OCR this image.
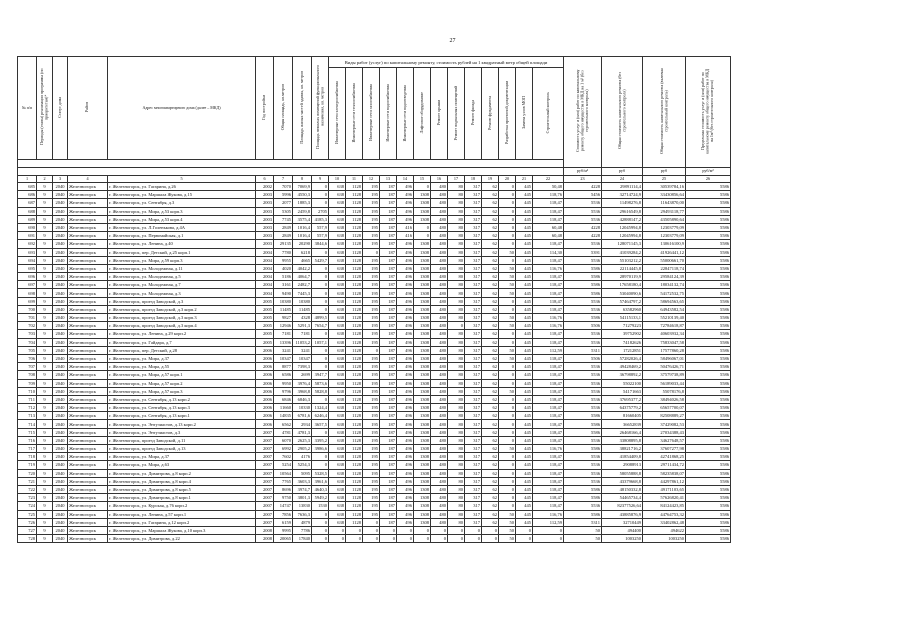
27
№ п/п	Периоды (этапы) реализации программы (по приоритетам)*	Статус дома	Район	Адрес многоквартирного дома (далее – МКД)	Год постройки	Общая площадь, кв.метров	Площадь жилых частей здания, кв. метров	Площадь нежилых помещений функционального назначения, кв. метров	Виды работ (услуг) по капитальному ремонту, стоимость рублей на 1 квадратный метр общей площади													Стоимость услуг и (или) работ по капитальному ремонту общего имущества в МКД на 1 м² (без строительного контроля)	Общая стоимость капитального ремонта (без строительного контроля)	Общая стоимость капитального ремонта (включая строительный контроль)	Предельная стоимость услуг и (или) работ по капитальному ремонту общего имущества в МКД на 1м² (без строительного контроля)
									Инженерные сети электроснабжения	Инженерные сети теплоснабжения	Инженерные сети газоснабжения	Инженерные сети водоснабжения	Инженерные сети водоотведения	Лифтовое оборудование	Ремонт крыши	Ремонт подвальных помещений	Ремонт фасада	Ремонт фундамента	Разработка проектной документации	Замена узлов МОП	Строительный контроль				

																						руб/м²	руб	руб	руб/м²
1	2	3	4	5	6	7	8	9	10	11	12	13	14	15	16	17	18	19	20	21	22	23	24	25	26
685	9	2040	Железногорск	г. Железногорск, ул. Гагарина, д.26	2002	7070	7069,9	0	638	1128	195	187	496	0	480	80	317	62	0	445	50,48	4228	29891114,4	30539784,16	5586
686	9	2040	Железногорск	г. Железногорск, ул. Маршала Жукова, д.15	2003	5996	4550,3	0	638	1128	195	187	496	1308	480	80	317	62	0	445	118,76	5456	32714724,9	33430856,64	5586
687	9	2040	Железногорск	г. Железногорск, ул. Сентября, д.3	2003	2077	1885,3	0	638	1128	195	187	496	1308	480	80	317	62	0	445	118,47	5536	11498276,8	11643870,00	5586
688	9	2040	Железногорск	г. Железногорск, ул. Мира, д.53 корп.3	2003	5305	2459,8	2705	638	1128	195	187	496	1308	480	80	317	62	0	445	118,47	5536	29616549,8	29493118,77	5586
689	9	2040	Железногорск	г. Железногорск, ул. Мира, д.53 корп.4	2003	7745	3575,4	4185,3	638	1128	195	187	496	1308	480	80	317	62	0	445	118,47	5536	42888147,2	43505890,64	5586
690	9	2040	Железногорск	г. Железногорск, ул. Л.Голенькова, д.4А	2003	2849	1016,4	557,9	638	1128	195	187	416	0	480	80	317	62	0	445	60,48	4228	12045994,8	12303779,09	5586
691	9	2040	Железногорск	г. Железногорск, ул. Первомайская, д.1	2003	2849	1016,4	557,9	638	1128	195	187	416	0	480	80	317	62	0	445	60,48	4228	12045994,8	12303779,09	5586
692	9	2040	Железногорск	г. Железногорск, ул. Ленина, д.40	2003	29135	20290	3844,6	638	1128	195	187	496	1308	480	80	317	62	0	445	118,47	5536	128071145,3	130616100,9	5586
693	9	2040	Железногорск	г. Железногорск, пер. Детский, д.25 корп.1	2004	7780	6218	0	638	1128	0	187	496	1308	480	80	317	62	50	445	114,30	5391	41039284,2	41926441,12	5586
694	9	2040	Железногорск	г. Железногорск, ул. Мира, д.59 корп.3	2004	9955	4665	5429,7	638	1128	195	187	496	1308	480	80	317	62	0	445	118,47	5536	55103212,2	55000661,70	5586
695	9	2040	Железногорск	г. Железногорск, ул. Молодежная, д.11	2004	4020	4042,2	0	638	1128	195	187	496	1308	480	80	317	62	50	445	116,76	5586	22114445,8	22847118,74	5586
696	9	2040	Железногорск	г. Железногорск, ул. Молодежная, д.5	2004	5186	4064,7	0	638	1128	195	187	496	1308	480	80	317	62	50	445	118,47	5586	28970119,9	29584124,39	5586
697	9	2040	Железногорск	г. Железногорск, ул. Молодежная, д.7	2004	3161	2482,7	0	638	1128	195	187	496	1308	480	80	317	62	50	445	118,47	5586	17658180,4	18034132,74	5586
698	9	2040	Железногорск	г. Железногорск, ул. Молодежная, д.3	2004	9490	7445,3	0	638	1128	195	187	496	1308	480	80	317	62	50	445	118,47	5586	53040090,6	54172532,75	5586
699	9	2040	Железногорск	г. Железногорск, проезд Заводской, д.3	2005	10380	10380	0	638	1128	195	187	496	1308	480	80	317	62	0	445	118,47	5536	57464797,2	58694563,65	5586
700	9	2040	Железногорск	г. Железногорск, проезд Заводской, д.3 корп.2	2005	11485	11485	0	638	1128	195	187	496	1308	480	80	317	62	0	445	118,47	5536	63582960	64943582,54	5586
701	9	2040	Железногорск	г. Железногорск, проезд Заводской, д.3 корп.3	2005	9827	4328	4899,5	638	1128	195	187	496	1308	480	80	317	62	50	445	116,76	5586	54115133,1	55210139,40	5586
702	9	2040	Железногорск	г. Железногорск, проезд Заводской, д.3 корп.4	2005	12946	5291,3	7654,7	638	1128	195	187	496	1308	480	0	317	62	50	445	116,76	5506	71279223	72784618,87	5586
703	9	2040	Железногорск	г. Железногорск, ул. Ленина, д.29 корп.2	2005	7181	7181	0	638	1128	195	187	496	1308	480	80	317	62	0	445	118,47	5536	39752902	40603932,34	5586
704	9	2040	Железногорск	г. Железногорск, ул. Гайдара, д.7	2005	13396	11053,2	1057,1	638	1128	195	187	496	1308	480	80	317	62	0	445	118,47	5536	74182626	75833047,58	5586
705	9	2040	Железногорск	г. Железногорск, пер. Детский, д.28	2006	3241	3241	0	638	1128	0	187	496	1308	480	80	317	62	50	445	112,59	5311	17212851	17577860,28	5586
706	9	2040	Железногорск	г. Железногорск, ул. Мира, д.37	2006	10347	10347	0	638	1128	195	187	496	1308	480	80	317	62	50	445	118,47	5506	57282026,4	58496067,01	5586
707	9	2040	Железногорск	г. Железногорск, ул. Мира, д.55	2006	8877	7398,3	0	638	1128	195	187	496	1308	480	80	317	62	0	445	118,47	5536	49428469,2	50476426,71	5586
708	9	2040	Железногорск	г. Железногорск, ул. Мира, д.57 корп.1	2006	6586	2699	3947,7	638	1128	195	187	496	1308	480	80	317	62	0	445	118,47	5536	36798892,2	37579738,89	5586
709	9	2040	Железногорск	г. Железногорск, ул. Мира, д.57 корп.2	2006	9950	3976,4	5873,6	638	1128	195	187	496	1308	480	80	317	62	0	445	118,47	5536	55022100	56189033,44	5586
710	9	2040	Железногорск	г. Железногорск, ул. Мира, д.57 корп.3	2006	9796	3968,8	5828,8	638	1128	195	187	496	1308	480	80	317	62	50	445	118,47	5536	54171663	55078176,8	5586
711	9	2040	Железногорск	г. Железногорск, ул. Сентября, д.13 корп.2	2006	6846	6846,3	0	638	1128	195	187	496	1308	480	80	317	62	0	445	118,47	5536	37695377,2	38494026,58	5586
712	9	2040	Железногорск	г. Железногорск, ул. Сентября, д.13 корп.3	2006	11660	10330	1324,4	638	1128	195	187	496	1308	480	80	317	62	0	445	118,47	5536	64375779,2	65657700,07	5586
713	9	2040	Железногорск	г. Железногорск, ул. Сентября, д.13 корп.1	2006	14835	6781,6	6246,4	638	1128	195	187	496	1308	480	80	317	62	0	445	118,47	5586	81660405	82508889,27	5586
714	9	2040	Железногорск	г. Железногорск, ул. Энтузиастов, д.13 корп.2	2006	6562	2934	3657,5	638	1128	195	187	496	1308	480	80	317	62	0	445	118,47	5586	36652839	37429082,53	5586
715	9	2040	Железногорск	г. Железногорск, ул. Энтузиастов, д.3	2007	4781	4781,3	0	638	1128	195	187	496	1308	480	80	317	62	0	445	118,47	5586	26468166,4	27034388,43	5586
716	9	2040	Железногорск	г. Железногорск, проезд Заводской, д.11	2007	6070	2625,3	3395,2	638	1128	195	187	496	1308	480	80	317	62	0	445	118,47	5536	33808895,8	34627648,57	5586
717	9	2040	Железногорск	г. Железногорск, проезд Заводской, д.13	2007	6992	2905,2	3986,6	638	1128	195	187	496	1308	480	80	317	62	50	445	116,76	5586	38821716,2	37607277,98	5586
718	9	2040	Железногорск	г. Железногорск, ул. Мира, д.37	2007	7602	4176	0	638	1128	195	187	496	1308	480	80	317	62	0	445	118,47	5536	41854409,8	42741868,25	5586
719	9	2040	Железногорск	г. Железногорск, ул. Мира, д.63	2007	5254	5254,3	0	638	1128	195	187	496	1308	480	80	317	62	0	445	118,47	5536	29088913	29711434,72	5586
720	9	2040	Железногорск	г. Железногорск, ул. Димитрова, д.8 корп.2	2007	10564	5095	5328,5	638	1128	195	187	496	1308	480	80	317	62	0	445	118,47	5536	58055888,8	58235838,07	5586
721	9	2040	Железногорск	г. Железногорск, ул. Димитрова, д.8 корп.4	2007	7765	3603,3	3961,6	638	1128	195	187	496	1308	480	80	317	62	0	445	118,47	5536	43379668,8	44297861,12	5586
722	9	2040	Железногорск	г. Железногорск, ул. Димитрова, д.8 корп.5	2007	8696	3974,7	4640,3	638	1128	195	187	496	1308	480	80	317	62	0	445	118,47	5586	48150332,8	49171103,65	5586
723	9	2040	Железногорск	г. Железногорск, ул. Димитрова, д.8 корп.1	2007	9750	3801,3	5949,2	638	1128	195	187	496	1308	480	80	317	62	0	445	118,47	5586	54465734,4	57626820,41	5586
724	9	2040	Железногорск	г. Железногорск, ул. Курская, д.76 корп.2	2007	14747	13830	1530	638	1128	195	187	496	1308	480	80	317	62	0	445	118,47	5536	82377526,64	84124423,85	5586
725	9	2040	Железногорск	г. Железногорск, ул. Ленина, д.57 корп.1	2007	7856	7636,3	0	638	1128	195	187	496	1308	480	80	317	62	50	445	116,76	5586	43885876,9	44764753,32	5586
726	9	2040	Железногорск	г. Железногорск, ул. Гагарина, д.12 корп.2	2007	6159	4879	0	638	1128	0	187	496	1308	480	80	317	62	50	445	112,59	5311	32710449	33402862,48	5586
727	9	2040	Железногорск	г. Железногорск, ул. Маршала Жукова, д.10 корп.3	2008	9995	7786	0	0	0	0	0	0	0	0	0	0	0	50	0	0	50	494400	494622	5586
728	9	2040	Железногорск	г. Железногорск, ул. Димитрова, д.22	2008	20065	17840	0	0	0	0	0	0	0	0	0	0	0	50	0	0	50	1003250	1003250	5586
